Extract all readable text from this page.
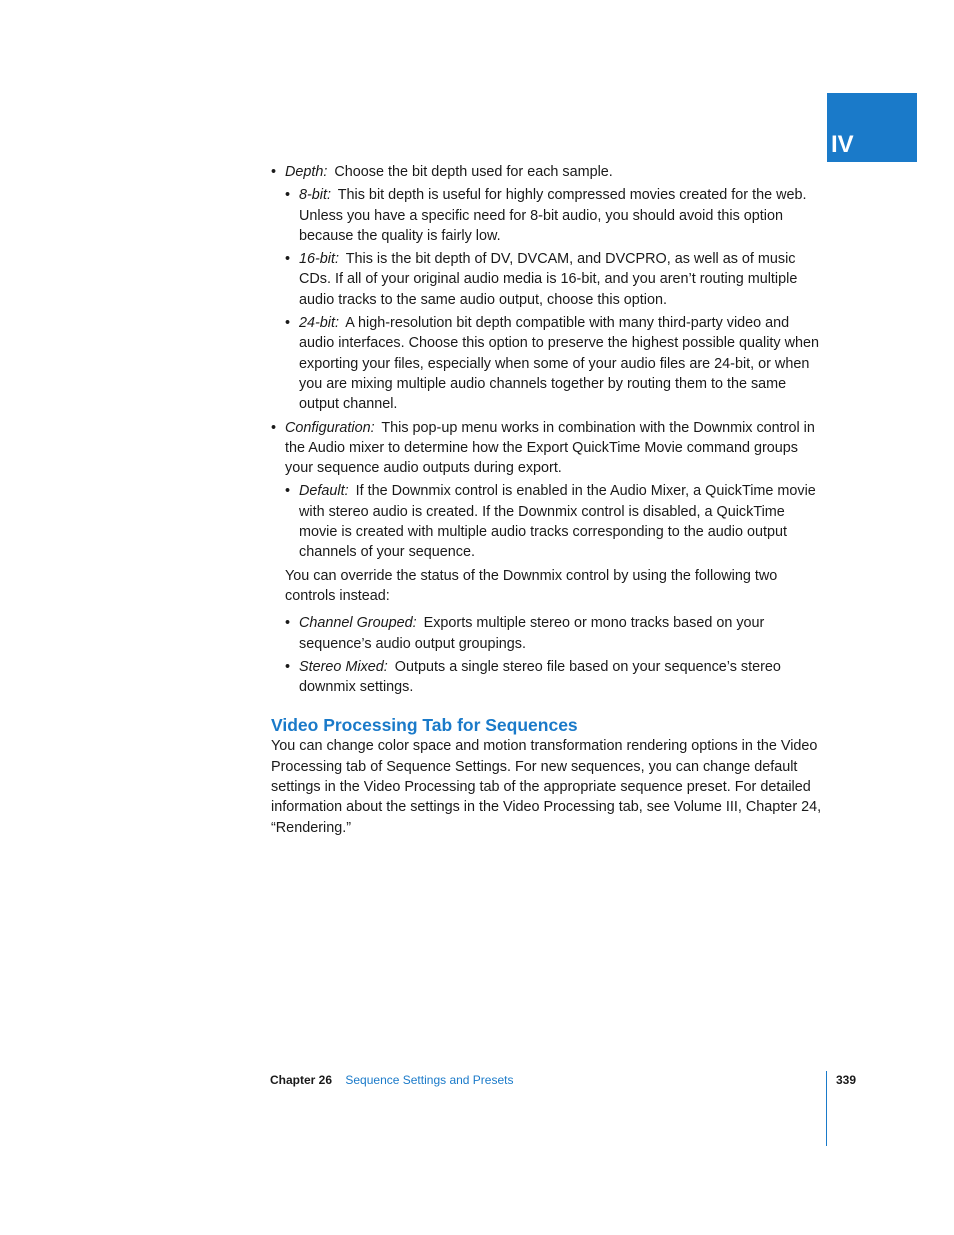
IV
• Depth: Choose the bit depth used for each sample.
• 8-bit: This bit depth is useful for highly compressed movies created for the web. Unless you have a specific need for 8-bit audio, you should avoid this option because the quality is fairly low.
• 16-bit: This is the bit depth of DV, DVCAM, and DVCPRO, as well as of music CDs. If all of your original audio media is 16-bit, and you aren’t routing multiple audio tracks to the same audio output, choose this option.
• 24-bit: A high-resolution bit depth compatible with many third-party video and audio interfaces. Choose this option to preserve the highest possible quality when exporting your files, especially when some of your audio files are 24-bit, or when you are mixing multiple audio channels together by routing them to the same output channel.
• Configuration: This pop-up menu works in combination with the Downmix control in the Audio mixer to determine how the Export QuickTime Movie command groups your sequence audio outputs during export.
• Default: If the Downmix control is enabled in the Audio Mixer, a QuickTime movie with stereo audio is created. If the Downmix control is disabled, a QuickTime movie is created with multiple audio tracks corresponding to the audio output channels of your sequence.
You can override the status of the Downmix control by using the following two controls instead:
• Channel Grouped: Exports multiple stereo or mono tracks based on your sequence’s audio output groupings.
• Stereo Mixed: Outputs a single stereo file based on your sequence’s stereo downmix settings.
Video Processing Tab for Sequences
You can change color space and motion transformation rendering options in the Video Processing tab of Sequence Settings. For new sequences, you can change default settings in the Video Processing tab of the appropriate sequence preset. For detailed information about the settings in the Video Processing tab, see Volume III, Chapter 24, “Rendering.”
Chapter 26 Sequence Settings and Presets	339
